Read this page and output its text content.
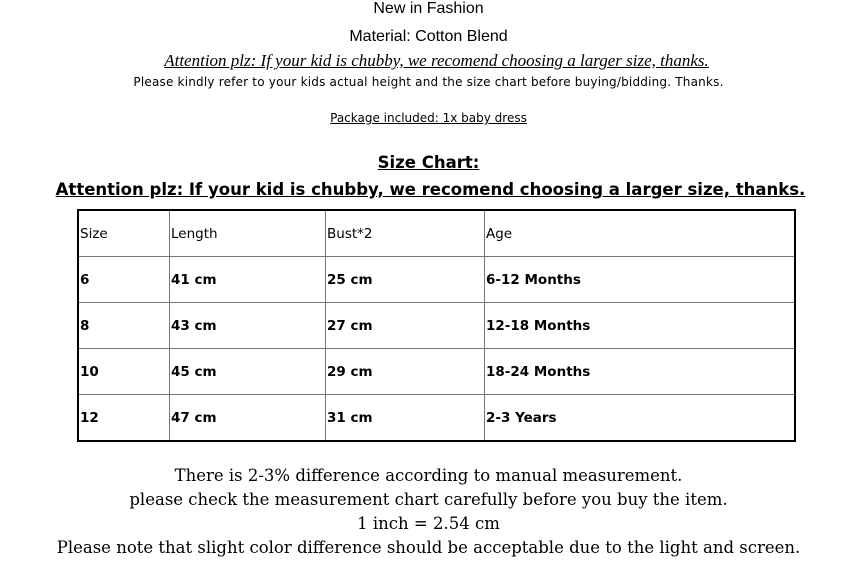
New in Fashion
Material: Cotton Blend
Attention plz: If your kid is chubby, we recomend choosing a larger size, thanks.
Please kindly refer to your kids actual height and the size chart before buying/bidding. Thanks.
Package included: 1x baby dress
Size Chart:
Attention plz: If your kid is chubby, we recomend choosing a larger size, thanks.
Size	Length	Bust*2	Age
6	41 cm	25 cm	6-12 Months
8	43 cm	27 cm	12-18 Months
10	45 cm	29 cm	18-24 Months
12	47 cm	31 cm	2-3 Years
There is 2-3% difference according to manual measurement.
please check the measurement chart carefully before you buy the item.
1 inch = 2.54 cm
Please note that slight color difference should be acceptable due to the light and screen.
